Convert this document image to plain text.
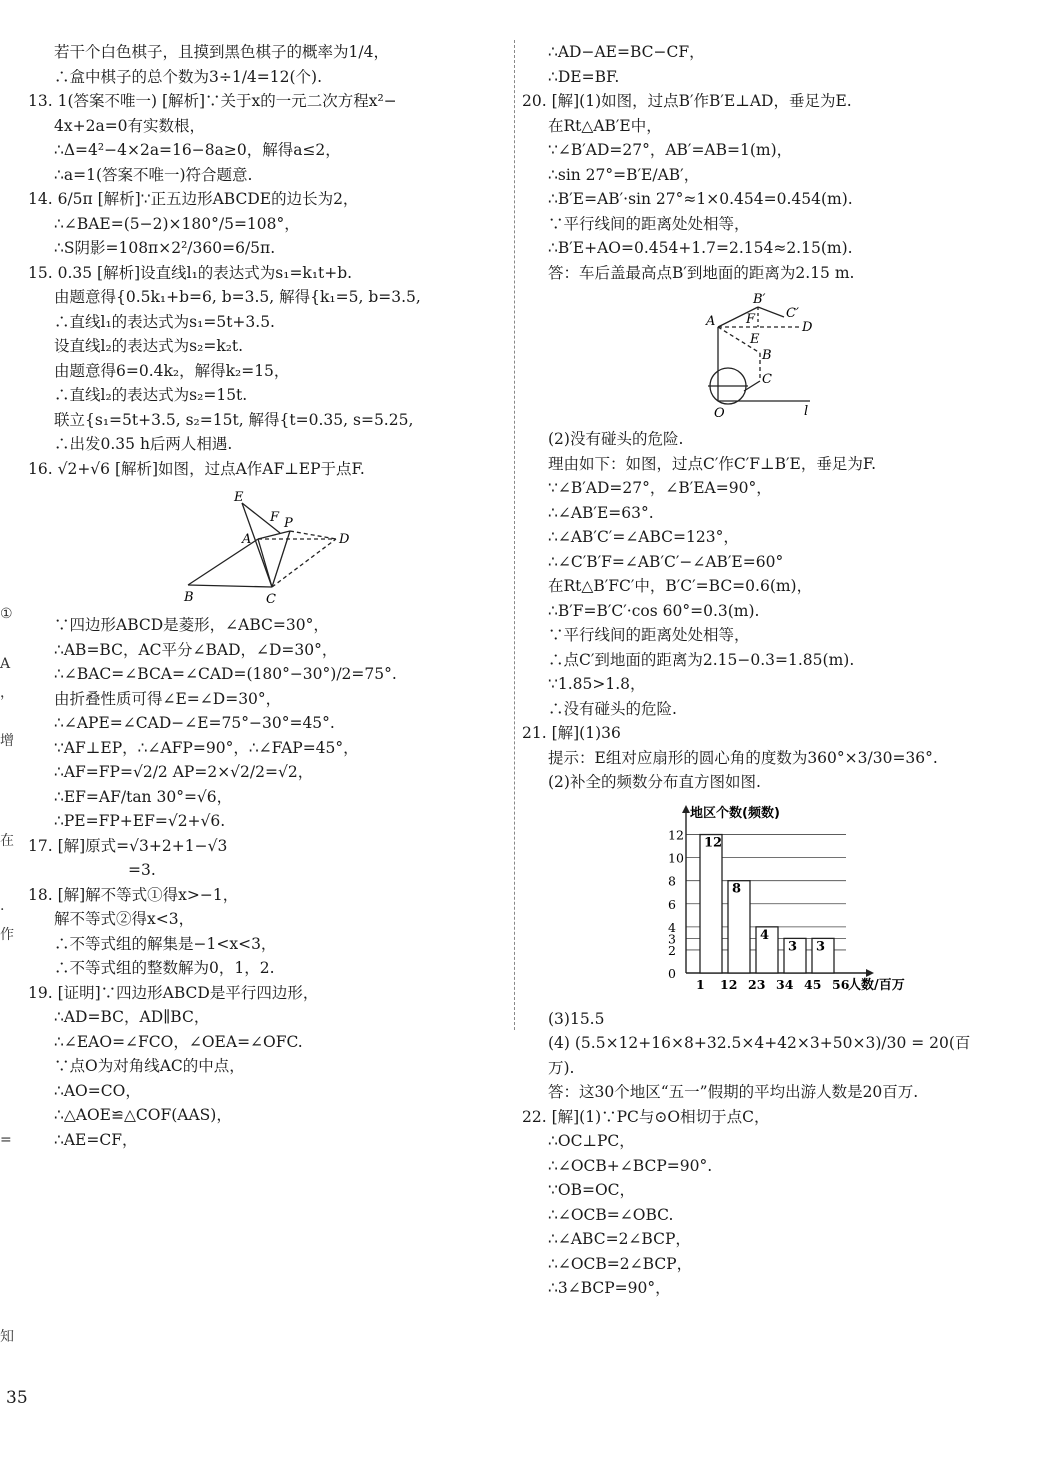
①
A
，
增
在
.
作
=
知
若干个白色棋子，且摸到黑色棋子的概率为1/4，
∴盒中棋子的总个数为3÷1/4=12(个).
13. 1(答案不唯一) [解析]∵关于x的一元二次方程x²−
4x+2a=0有实数根，
∴Δ=4²−4×2a=16−8a≥0，解得a≤2，
∴a=1(答案不唯一)符合题意.
14. 6/5π [解析]∵正五边形ABCDE的边长为2，
∴∠BAE=(5−2)×180°/5=108°，
∴S阴影=108π×2²/360=6/5π.
15. 0.35 [解析]设直线l₁的表达式为s₁=k₁t+b.
由题意得{0.5k₁+b=6, b=3.5, 解得{k₁=5, b=3.5,
∴直线l₁的表达式为s₁=5t+3.5.
设直线l₂的表达式为s₂=k₂t.
由题意得6=0.4k₂，解得k₂=15，
∴直线l₂的表达式为s₂=15t.
联立{s₁=5t+3.5, s₂=15t, 解得{t=0.35, s=5.25,
∴出发0.35 h后两人相遇.
16. √2+√6 [解析]如图，过点A作AF⊥EP于点F.
E
F P
A	D
B	C
∵四边形ABCD是菱形，∠ABC=30°，
∴AB=BC，AC平分∠BAD，∠D=30°，
∴∠BAC=∠BCA=∠CAD=(180°−30°)/2=75°.
由折叠性质可得∠E=∠D=30°，
∴∠APE=∠CAD−∠E=75°−30°=45°.
∵AF⊥EP，∴∠AFP=90°，∴∠FAP=45°，
∴AF=FP=√2/2 AP=2×√2/2=√2，
∴EF=AF/tan 30°=√6，
∴PE=FP+EF=√2+√6.
17. [解]原式=√3+2+1−√3
=3.
18. [解]解不等式①得x>−1，
解不等式②得x<3，
∴不等式组的解集是−1<x<3，
∴不等式组的整数解为0，1，2.
19. [证明]∵四边形ABCD是平行四边形，
∴AD=BC，AD∥BC，
∴∠EAO=∠FCO，∠OEA=∠OFC.
∵点O为对角线AC的中点，
∴AO=CO，
∴△AOE≌△COF(AAS)，
∴AE=CF，
∴AD−AE=BC−CF，
∴DE=BF.
20. [解](1)如图，过点B′作B′E⊥AD，垂足为E.
在Rt△AB′E中，
∵∠B′AD=27°，AB′=AB=1(m)，
∴sin 27°=B′E/AB′，
∴B′E=AB′·sin 27°≈1×0.454=0.454(m).
∵平行线间的距离处处相等，
∴B′E+AO=0.454+1.7=2.154≈2.15(m).
答：车后盖最高点B′到地面的距离为2.15 m.
B′
C′
A F
D
E
B
C
O	l
(2)没有碰头的危险.
理由如下：如图，过点C′作C′F⊥B′E，垂足为F.
∵∠B′AD=27°，∠B′EA=90°，
∴∠AB′E=63°.
∴∠AB′C′=∠ABC=123°，
∴∠C′B′F=∠AB′C′−∠AB′E=60°
在Rt△B′FC′中，B′C′=BC=0.6(m)，
∴B′F=B′C′·cos 60°=0.3(m).
∵平行线间的距离处处相等，
∴点C′到地面的距离为2.15−0.3=1.85(m).
∵1.85>1.8，
∴没有碰头的危险.
21. [解](1)36
提示：E组对应扇形的圆心角的度数为360°×3/30=36°.
(2)补全的频数分布直方图如图.
12
8
4
3 3
0
2
3
4
6
8
10
12
1 12 23 34 45 56
地区个数(频数)
人数/百万
(3)15.5
(4) (5.5×12+16×8+32.5×4+42×3+50×3)/30 = 20(百
万).
答：这30个地区“五一”假期的平均出游人数是20百万.
22. [解](1)∵PC与⊙O相切于点C，
∴OC⊥PC，
∴∠OCB+∠BCP=90°.
∵OB=OC，
∴∠OCB=∠OBC.
∴∠ABC=2∠BCP，
∴∠OCB=2∠BCP，
∴3∠BCP=90°，
35
